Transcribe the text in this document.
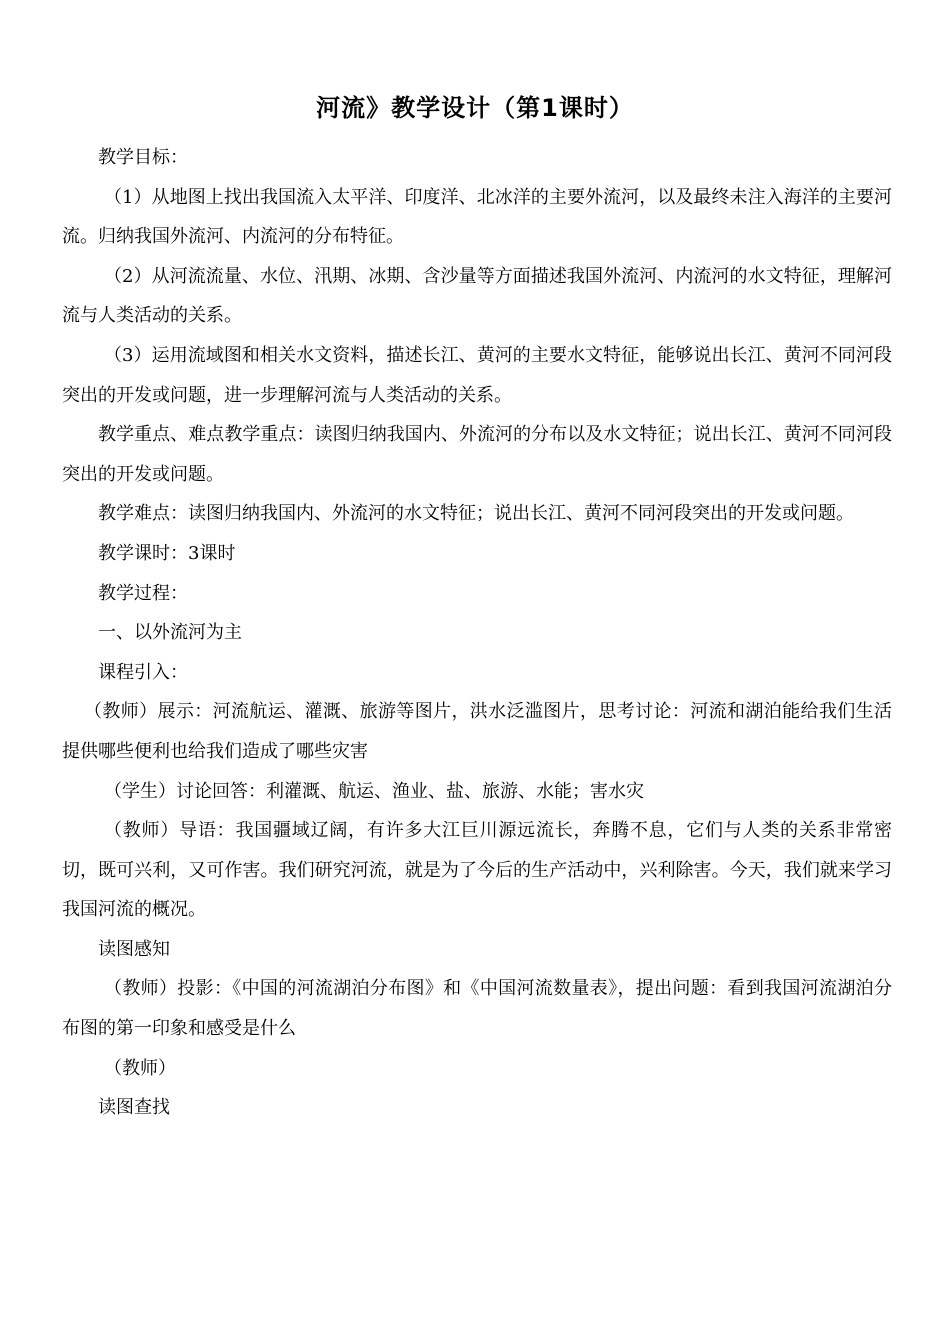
河流》教学设计（第1课时）

教学目标：

（1）从地图上找出我国流入太平洋、印度洋、北冰洋的主要外流河，以及最终未注入海洋的主要河流。归纳我国外流河、内流河的分布特征。

（2）从河流流量、水位、汛期、冰期、含沙量等方面描述我国外流河、内流河的水文特征，理解河流与人类活动的关系。

（3）运用流域图和相关水文资料，描述长江、黄河的主要水文特征，能够说出长江、黄河不同河段突出的开发或问题，进一步理解河流与人类活动的关系。

教学重点、难点教学重点：读图归纳我国内、外流河的分布以及水文特征；说出长江、黄河不同河段突出的开发或问题。

教学难点：读图归纳我国内、外流河的水文特征；说出长江、黄河不同河段突出的开发或问题。

教学课时：3课时

教学过程：

一、以外流河为主

课程引入：

（教师）展示：河流航运、灌溉、旅游等图片，洪水泛滥图片，思考讨论：河流和湖泊能给我们生活提供哪些便利也给我们造成了哪些灾害

（学生）讨论回答：利灌溉、航运、渔业、盐、旅游、水能；害水灾

（教师）导语：我国疆域辽阔，有许多大江巨川源远流长，奔腾不息，它们与人类的关系非常密切，既可兴利，又可作害。我们研究河流，就是为了今后的生产活动中，兴利除害。今天，我们就来学习我国河流的概况。

读图感知

（教师）投影：《中国的河流湖泊分布图》和《中国河流数量表》，提出问题：看到我国河流湖泊分布图的第一印象和感受是什么

（教师）

读图查找
